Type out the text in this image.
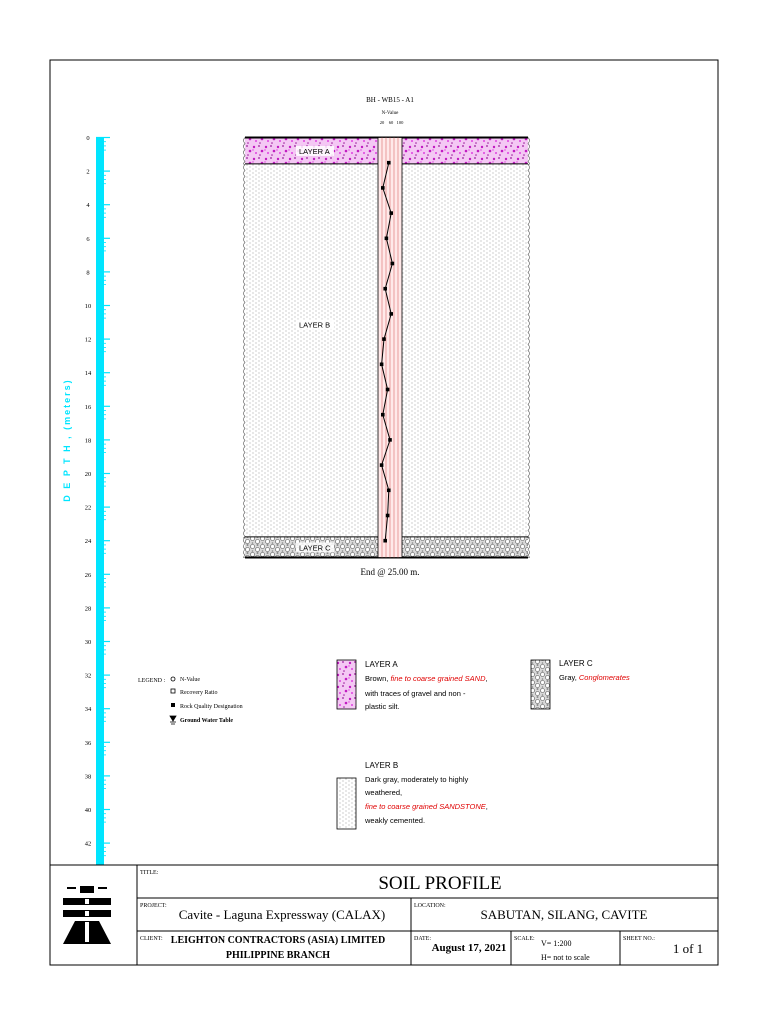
0
2
4
6
8
10
12
14
16
18
20
22
24
26
28
30
32
34
36
38
40
42
D E P T H , (meters)
BH - WB15 - A1
N-Value
20 60 100
LAYER A
LAYER B
LAYER C
End @ 25.00 m.
LEGEND : N-Value
Recovery Ratio
Rock Quality Designation
Ground Water Table
LAYER A
Brown, fine to coarse grained SAND,
with traces of gravel and non -
plastic silt.
LAYER C
Gray, Conglomerates
LAYER B
Dark gray, moderately to highly
weathered,
fine to coarse grained SANDSTONE,
weakly cemented.
TITLE:	SOIL PROFILE
PROJECT:
Cavite - Laguna Expressway (CALAX)
LOCATION:
SABUTAN, SILANG, CAVITE
CLIENT: LEIGHTON CONTRACTORS (ASIA) LIMITED
PHILIPPINE BRANCH
DATE:
August 17, 2021
SCALE: V= 1:200
H= not to scale
SHEET NO.:
1 of 1
